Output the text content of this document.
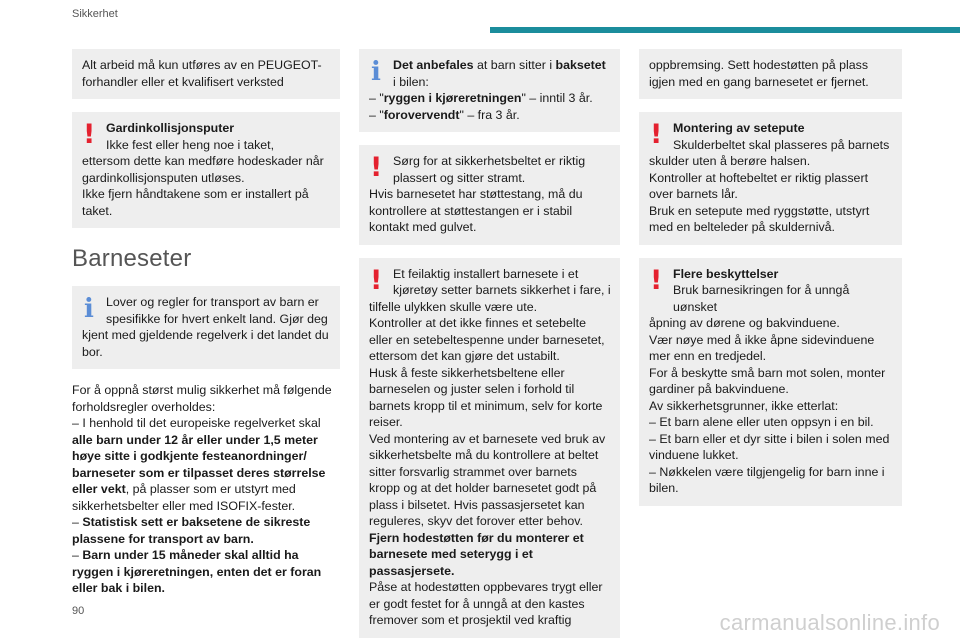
Sikkerhet
Alt arbeid må kun utføres av en PEUGEOT-forhandler eller et kvalifisert verksted
! Gardinkollisjonsputer
Ikke fest eller heng noe i taket,
ettersom dette kan medføre hodeskader når gardinkollisjonsputen utløses.
Ikke fjern håndtakene som er installert på taket.
Barneseter
i Lover og regler for transport av barn er spesifikke for hvert enkelt land. Gjør deg
kjent med gjeldende regelverk i det landet du bor.

For å oppnå størst mulig sikkerhet må følgende forholdsregler overholdes:

– I henhold til det europeiske regelverket skal alle barn under 12 år eller under 1,5 meter høye sitte i godkjente festeanordninger/ barneseter som er tilpasset deres størrelse eller vekt, på plasser som er utstyrt med sikkerhetsbelter eller med ISOFIX-fester.

– Statistisk sett er baksetene de sikreste plassene for transport av barn.

– Barn under 15 måneder skal alltid ha ryggen i kjøreretningen, enten det er foran eller bak i bilen.

i Det anbefales at barn sitter i baksetet i bilen:
– "ryggen i kjøreretningen" – inntil 3 år.
– "forovervendt" – fra 3 år.
! Sørg for at sikkerhetsbeltet er riktig plassert og sitter stramt.
Hvis barnesetet har støttestang, må du kontrollere at støttestangen er i stabil kontakt med gulvet.
! Et feilaktig installert barnesete i et kjøretøy setter barnets sikkerhet i fare, i
tilfelle ulykken skulle være ute.
Kontroller at det ikke finnes et setebelte eller en setebeltespenne under barnesetet, ettersom det kan gjøre det ustabilt.
Husk å feste sikkerhetsbeltene eller barneselen og juster selen i forhold til barnets kropp til et minimum, selv for korte reiser.
Ved montering av et barnesete ved bruk av sikkerhetsbelte må du kontrollere at beltet sitter forsvarlig strammet over barnets kropp og at det holder barnesetet godt på plass i bilsetet. Hvis passasjersetet kan reguleres, skyv det forover etter behov.
Fjern hodestøtten før du monterer et barnesete med seterygg i et passasjersete.
Påse at hodestøtten oppbevares trygt eller er godt festet for å unngå at den kastes fremover som et prosjektil ved kraftig
oppbremsing. Sett hodestøtten på plass igjen med en gang barnesetet er fjernet.
! Montering av setepute
Skulderbeltet skal plasseres på barnets
skulder uten å berøre halsen.
Kontroller at hoftebeltet er riktig plassert over barnets lår.
Bruk en setepute med ryggstøtte, utstyrt med en belteleder på skuldernivå.
! Flere beskyttelser
Bruk barnesikringen for å unngå uønsket
åpning av dørene og bakvinduene.
Vær nøye med å ikke åpne sidevinduene mer enn en tredjedel.
For å beskytte små barn mot solen, monter gardiner på bakvinduene.
Av sikkerhetsgrunner, ikke etterlat:
– Et barn alene eller uten oppsyn i en bil.
– Et barn eller et dyr sitte i bilen i solen med vinduene lukket.
– Nøkkelen være tilgjengelig for barn inne i bilen.
90	carmanualsonline.info
